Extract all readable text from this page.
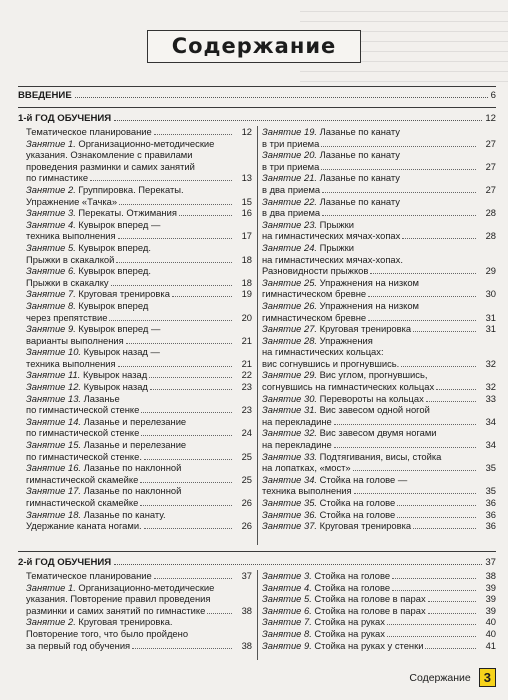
Содержание
ВВЕДЕНИЕ	6
1-й ГОД ОБУЧЕНИЯ	12
Тематическое планирование	12
Занятие 1. Организационно-методические
указания. Ознакомление с правилами
проведения разминки и самих занятий
по гимнастике	13
Занятие 2. Группировка. Перекаты.
Упражнение «Тачка»	15
Занятие 3.
Перекаты. Отжимания	16
Занятие 4. Кувырок вперед —
техника выполнения	17
Занятие 5. Кувырок вперед.
Прыжки в скакалкой	18
Занятие 6. Кувырок вперед.
Прыжки в скакалку	18
Занятие 7.
Круговая тренировка	19
Занятие 8. Кувырок вперед
через препятствие	20
Занятие 9. Кувырок вперед —
варианты выполнения	21
Занятие 10. Кувырок назад —
техника выполнения	21
Занятие 11.
Кувырок назад	22
Занятие 12.
Кувырок назад	23
Занятие 13. Лазанье
по гимнастической стенке	23
Занятие 14. Лазанье и перелезание
по гимнастической стенке	24
Занятие 15. Лазанье и перелезание
по гимнастической стенке.	25
Занятие 16. Лазанье по наклонной
гимнастической скамейке	25
Занятие 17. Лазанье по наклонной
гимнастической скамейке	26
Занятие 18. Лазанье по канату.
Удержание каната ногами.	26
Занятие 19. Лазанье по канату
в три приема	27
Занятие 20. Лазанье по канату
в три приема	27
Занятие 21. Лазанье по канату
в два приема	27
Занятие 22. Лазанье по канату
в два приема	28
Занятие 23. Прыжки
на гимнастических мячах-хопах	28
Занятие 24. Прыжки
на гимнастических мячах-хопах.
Разновидности прыжков	29
Занятие 25. Упражнения на низком
гимнастическом бревне	30
Занятие 26. Упражнения на низком
гимнастическом бревне	31
Занятие 27.
Круговая тренировка	31
Занятие 28. Упражнения
на гимнастических кольцах:
вис согнувшись и прогнувшись.	32
Занятие 29. Вис углом, прогнувшись,
согнувшись на гимнастических кольцах	32
Занятие 30.
Перевороты на кольцах	33
Занятие 31. Вис завесом одной ногой
на перекладине	34
Занятие 32. Вис завесом двумя ногами
на перекладине	34
Занятие 33. Подтягивания, висы, стойка
на лопатках, «мост»	35
Занятие 34. Стойка на голове —
техника выполнения	35
Занятие 35.
Стойка на голове	36
Занятие 36.
Стойка на голове	36
Занятие 37.
Круговая тренировка	36
2-й ГОД ОБУЧЕНИЯ	37
Тематическое планирование	37
Занятие 1. Организационно-методические
указания. Повторение правил проведения
разминки и самих занятий по гимнастике	38
Занятие 2. Круговая тренировка.
Повторение того, что было пройдено
за первый год обучения	38
Занятие 3.
Стойка на голове	38
Занятие 4.
Стойка на голове	39
Занятие 5.
Стойка на голове в парах	39
Занятие 6.
Стойка на голове в парах	39
Занятие 7.
Стойка на руках	40
Занятие 8.
Стойка на руках	40
Занятие 9.
Стойка на руках у стенки	41
Содержание	3
